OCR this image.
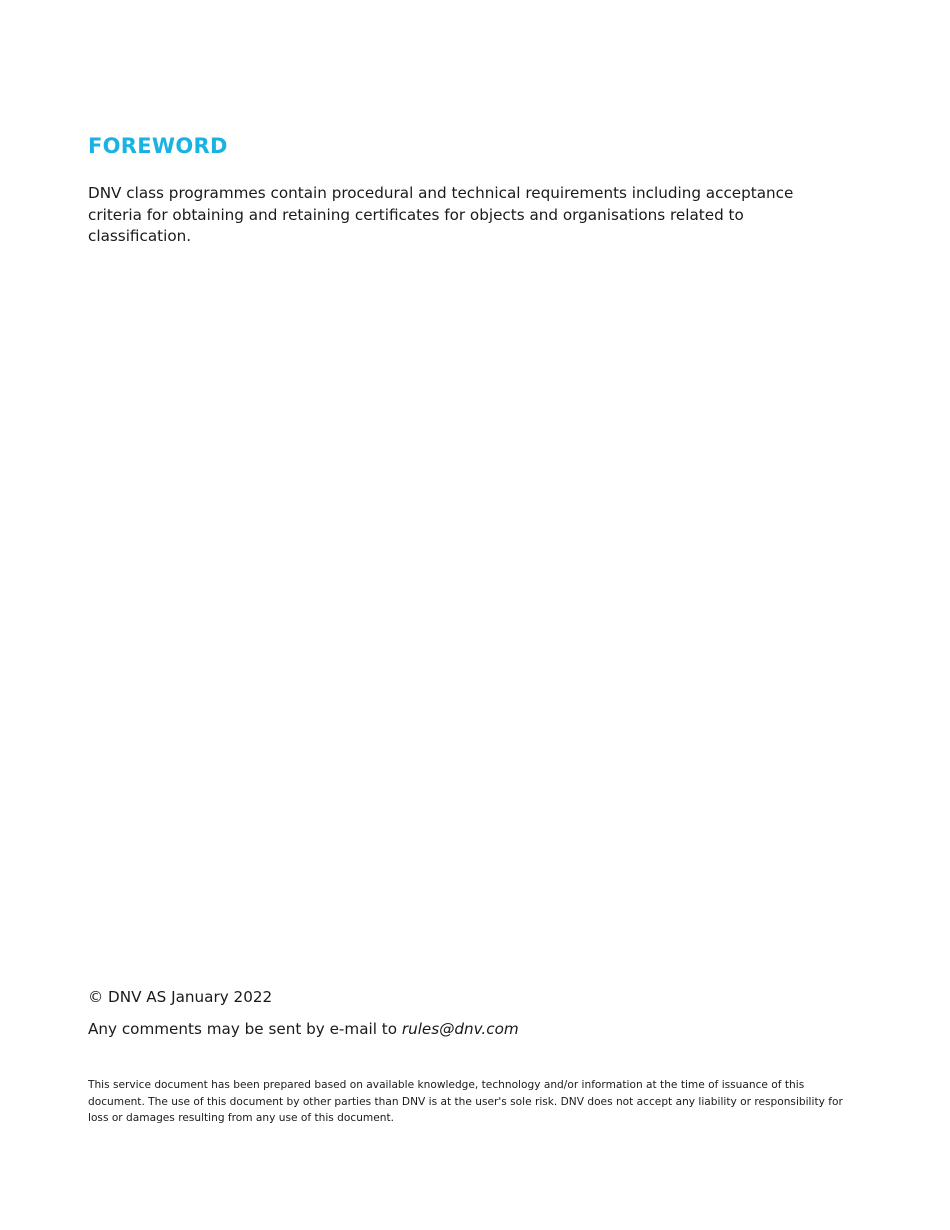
FOREWORD

DNV class programmes contain procedural and technical requirements including acceptance criteria for obtaining and retaining certificates for objects and organisations related to classification.

© DNV AS January 2022

Any comments may be sent by e-mail to rules@dnv.com

This service document has been prepared based on available knowledge, technology and/or information at the time of issuance of this document. The use of this document by other parties than DNV is at the user's sole risk. DNV does not accept any liability or responsibility for loss or damages resulting from any use of this document.
